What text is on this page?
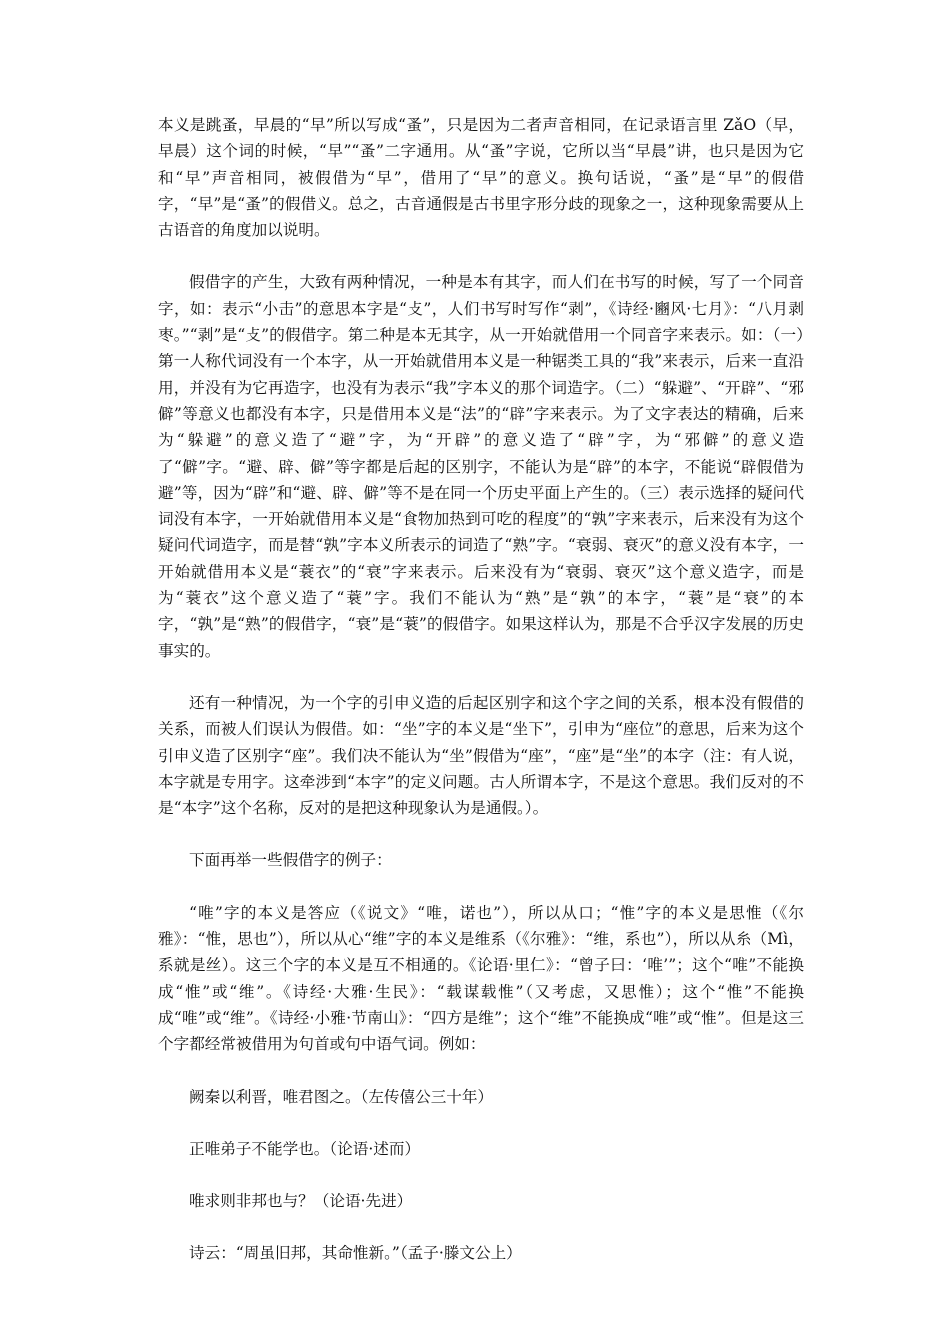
本义是跳蚤，早晨的“早”所以写成“蚤”，只是因为二者声音相同，在记录语言里 ZǎO（早，早晨）这个词的时候，“早”“蚤”二字通用。从“蚤”字说，它所以当“早晨”讲，也只是因为它和“早”声音相同，被假借为“早”，借用了“早”的意义。换句话说，“蚤”是“早”的假借字，“早”是“蚤”的假借义。总之，古音通假是古书里字形分歧的现象之一，这种现象需要从上古语音的角度加以说明。

假借字的产生，大致有两种情况，一种是本有其字，而人们在书写的时候，写了一个同音字，如：表示“小击”的意思本字是“攴”，人们书写时写作“剥”，《诗经·豳风·七月》：“八月剥枣。”“剥”是“攴”的假借字。第二种是本无其字，从一开始就借用一个同音字来表示。如：（一）第一人称代词没有一个本字，从一开始就借用本义是一种锯类工具的“我”来表示，后来一直沿用，并没有为它再造字，也没有为表示“我”字本义的那个词造字。（二）“躲避”、“开辟”、“邪僻”等意义也都没有本字，只是借用本义是“法”的“辟”字来表示。为了文字表达的精确，后来为“躲避”的意义造了“避”字，为“开辟”的意义造了“辟”字，为“邪僻”的意义造了“僻”字。“避、辟、僻”等字都是后起的区别字，不能认为是“辟”的本字，不能说“辟假借为避”等，因为“辟”和“避、辟、僻”等不是在同一个历史平面上产生的。（三）表示选择的疑问代词没有本字，一开始就借用本义是“食物加热到可吃的程度”的“孰”字来表示，后来没有为这个疑问代词造字，而是替“孰”字本义所表示的词造了“熟”字。“衰弱、衰灭”的意义没有本字，一开始就借用本义是“蓑衣”的“衰”字来表示。后来没有为“衰弱、衰灭”这个意义造字，而是为“蓑衣”这个意义造了“蓑”字。我们不能认为“熟”是“孰”的本字，“蓑”是“衰”的本字，“孰”是“熟”的假借字，“衰”是“蓑”的假借字。如果这样认为，那是不合乎汉字发展的历史事实的。

还有一种情况，为一个字的引申义造的后起区别字和这个字之间的关系，根本没有假借的关系，而被人们误认为假借。如：“坐”字的本义是“坐下”，引申为“座位”的意思，后来为这个引申义造了区别字“座”。我们决不能认为“坐”假借为“座”，“座”是“坐”的本字（注：有人说，本字就是专用字。这牵涉到“本字”的定义问题。古人所谓本字，不是这个意思。我们反对的不是“本字”这个名称，反对的是把这种现象认为是通假。）。

下面再举一些假借字的例子：

“唯”字的本义是答应（《说文》“唯，诺也”），所以从口；“惟”字的本义是思惟（《尔雅》：“惟，思也”），所以从心“维”字的本义是维系（《尔雅》：“维，系也”），所以从糸（Mì，系就是丝）。这三个字的本义是互不相通的。《论语·里仁》：“曾子曰：‘唯’”；这个“唯”不能换成“惟”或“维”。《诗经·大雅·生民》：“载谋载惟”（又考虑，又思惟）；这个“惟”不能换成“唯”或“维”。《诗经·小雅·节南山》：“四方是维”；这个“维”不能换成“唯”或“惟”。但是这三个字都经常被借用为句首或句中语气词。例如：

阙秦以利晋，唯君图之。（左传僖公三十年）

正唯弟子不能学也。（论语·述而）

唯求则非邦也与？（论语·先进）

诗云：“周虽旧邦，其命惟新。”（孟子·滕文公上）
